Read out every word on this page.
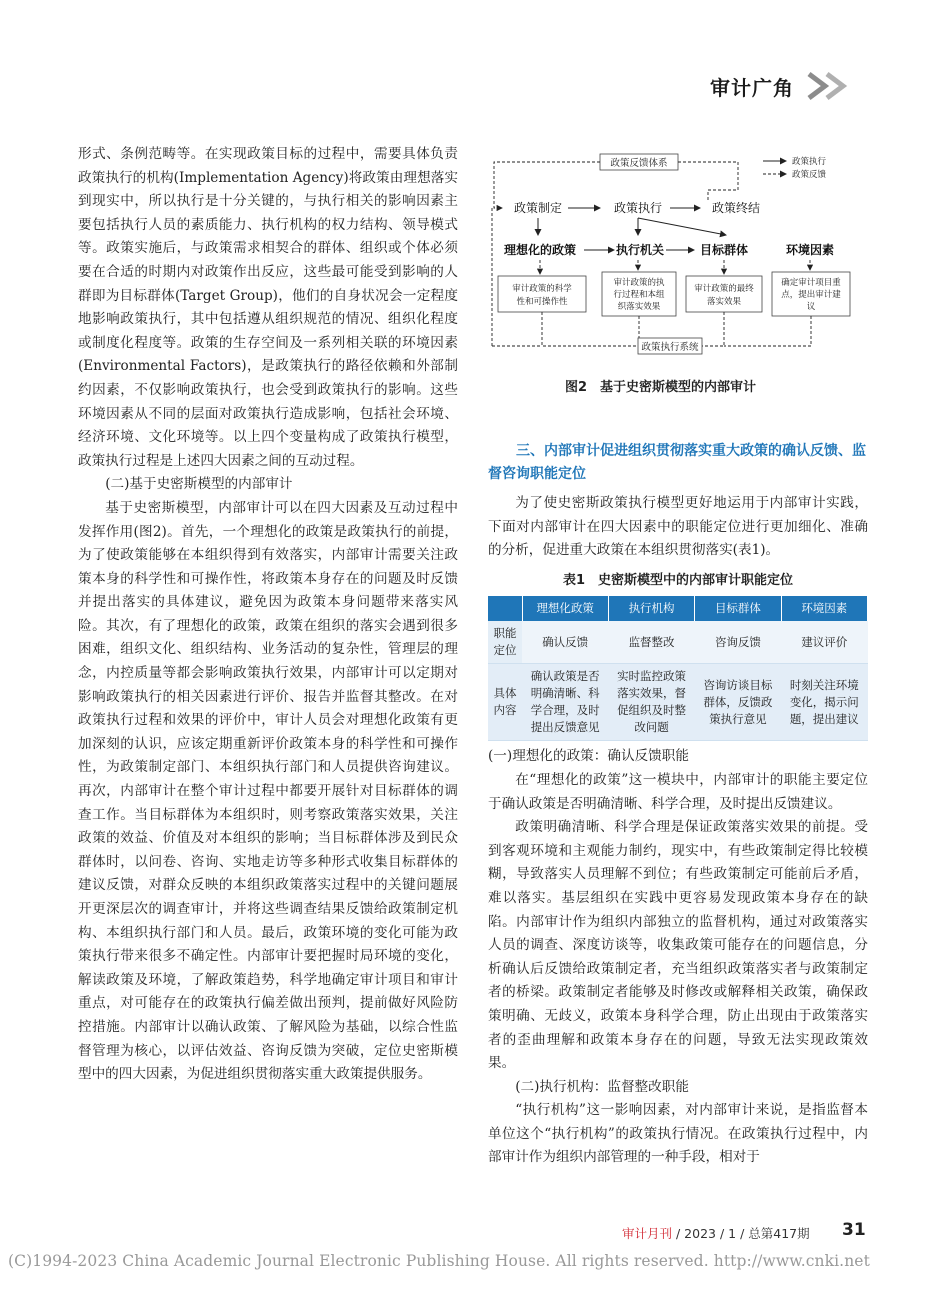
审计广角

形式、条例范畴等。在实现政策目标的过程中，需要具体负责政策执行的机构(Implementation Agency)将政策由理想落实到现实中，所以执行是十分关键的，与执行相关的影响因素主要包括执行人员的素质能力、执行机构的权力结构、领导模式等。政策实施后，与政策需求相契合的群体、组织或个体必须要在合适的时期内对政策作出反应，这些最可能受到影响的人群即为目标群体(Target Group)，他们的自身状况会一定程度地影响政策执行，其中包括遵从组织规范的情况、组织化程度或制度化程度等。政策的生存空间及一系列相关联的环境因素(Environmental Factors)，是政策执行的路径依赖和外部制约因素，不仅影响政策执行，也会受到政策执行的影响。这些环境因素从不同的层面对政策执行造成影响，包括社会环境、经济环境、文化环境等。以上四个变量构成了政策执行模型，政策执行过程是上述四大因素之间的互动过程。

(二)基于史密斯模型的内部审计

基于史密斯模型，内部审计可以在四大因素及互动过程中发挥作用(图2)。首先，一个理想化的政策是政策执行的前提，为了使政策能够在本组织得到有效落实，内部审计需要关注政策本身的科学性和可操作性，将政策本身存在的问题及时反馈并提出落实的具体建议，避免因为政策本身问题带来落实风险。其次，有了理想化的政策，政策在组织的落实会遇到很多困难，组织文化、组织结构、业务活动的复杂性，管理层的理念，内控质量等都会影响政策执行效果，内部审计可以定期对影响政策执行的相关因素进行评价、报告并监督其整改。在对政策执行过程和效果的评价中，审计人员会对理想化政策有更加深刻的认识，应该定期重新评价政策本身的科学性和可操作性，为政策制定部门、本组织执行部门和人员提供咨询建议。再次，内部审计在整个审计过程中都要开展针对目标群体的调查工作。当目标群体为本组织时，则考察政策落实效果，关注政策的效益、价值及对本组织的影响；当目标群体涉及到民众群体时，以问卷、咨询、实地走访等多种形式收集目标群体的建议反馈，对群众反映的本组织政策落实过程中的关键问题展开更深层次的调查审计，并将这些调查结果反馈给政策制定机构、本组织执行部门和人员。最后，政策环境的变化可能为政策执行带来很多不确定性。内部审计要把握时局环境的变化，解读政策及环境，了解政策趋势，科学地确定审计项目和审计重点，对可能存在的政策执行偏差做出预判，提前做好风险防控措施。内部审计以确认政策、了解风险为基础，以综合性监督管理为核心，以评估效益、咨询反馈为突破，定位史密斯模型中的四大因素，为促进组织贯彻落实重大政策提供服务。

政策反馈体系	政策执行
政策反馈
政策制定	政策执行	政策终结
理想化的政策	执行机关	目标群体	环境因素
审计政策的科学
性和可操作性
审计政策的执
行过程和本组
织落实效果
审计政策的最终
落实效果
确定审计项目重
点，提出审计建
议
政策执行系统
图2　基于史密斯模型的内部审计
三、内部审计促进组织贯彻落实重大政策的确认反馈、监督咨询职能定位

为了使史密斯政策执行模型更好地运用于内部审计实践，下面对内部审计在四大因素中的职能定位进行更加细化、准确的分析，促进重大政策在本组织贯彻落实(表1)。

表1　史密斯模型中的内部审计职能定位
	理想化政策	执行机构	目标群体	环境因素
职能定位	确认反馈	监督整改	咨询反馈	建议评价
具体内容	确认政策是否明确清晰、科学合理，及时提出反馈意见	实时监控政策落实效果，督促组织及时整改问题	咨询访谈目标群体，反馈政策执行意见	时刻关注环境变化，揭示问题，提出建议

(一)理想化的政策：确认反馈职能

在“理想化的政策”这一模块中，内部审计的职能主要定位于确认政策是否明确清晰、科学合理，及时提出反馈建议。

政策明确清晰、科学合理是保证政策落实效果的前提。受到客观环境和主观能力制约，现实中，有些政策制定得比较模糊，导致落实人员理解不到位；有些政策制定可能前后矛盾，难以落实。基层组织在实践中更容易发现政策本身存在的缺陷。内部审计作为组织内部独立的监督机构，通过对政策落实人员的调查、深度访谈等，收集政策可能存在的问题信息，分析确认后反馈给政策制定者，充当组织政策落实者与政策制定者的桥梁。政策制定者能够及时修改或解释相关政策，确保政策明确、无歧义，政策本身科学合理，防止出现由于政策落实者的歪曲理解和政策本身存在的问题，导致无法实现政策效果。

(二)执行机构：监督整改职能

“执行机构”这一影响因素，对内部审计来说，是指监督本单位这个“执行机构”的政策执行情况。在政策执行过程中，内部审计作为组织内部管理的一种手段，相对于

审计月刊 / 2023 / 1 / 总第417期 31
(C)1994-2023 China Academic Journal Electronic Publishing House. All rights reserved. http://www.cnki.net
